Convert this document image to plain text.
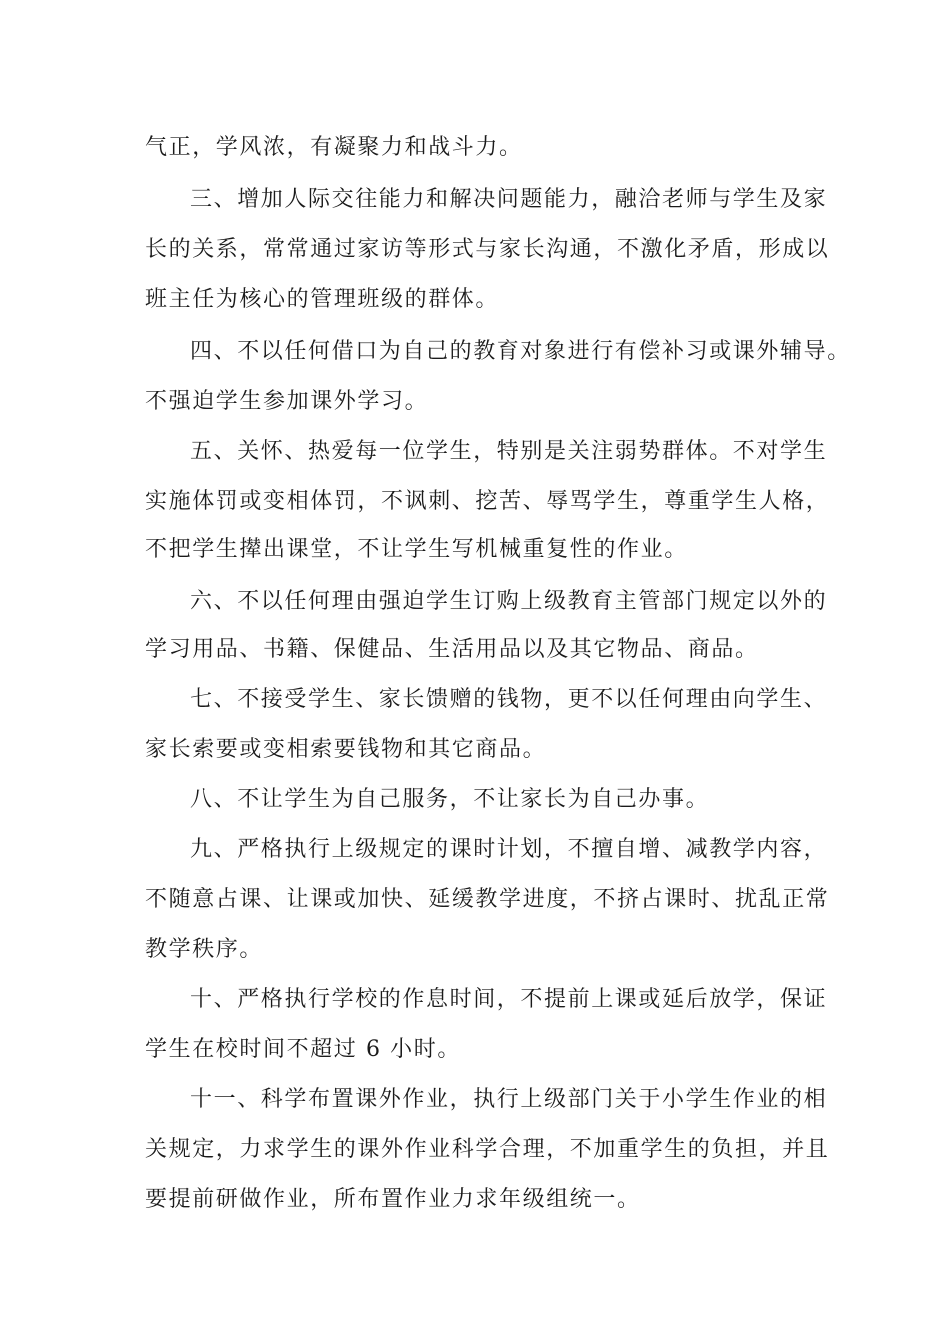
气正，学风浓，有凝聚力和战斗力。
三、增加人际交往能力和解决问题能力，融洽老师与学生及家
长的关系，常常通过家访等形式与家长沟通，不激化矛盾，形成以
班主任为核心的管理班级的群体。
四、不以任何借口为自己的教育对象进行有偿补习或课外辅导。
不强迫学生参加课外学习。
五、关怀、热爱每一位学生，特别是关注弱势群体。不对学生
实施体罚或变相体罚，不讽刺、挖苦、辱骂学生，尊重学生人格，
不把学生撵出课堂，不让学生写机械重复性的作业。
六、不以任何理由强迫学生订购上级教育主管部门规定以外的
学习用品、书籍、保健品、生活用品以及其它物品、商品。
七、不接受学生、家长馈赠的钱物，更不以任何理由向学生、
家长索要或变相索要钱物和其它商品。
八、不让学生为自己服务，不让家长为自己办事。
九、严格执行上级规定的课时计划，不擅自增、减教学内容，
不随意占课、让课或加快、延缓教学进度，不挤占课时、扰乱正常
教学秩序。
十、严格执行学校的作息时间，不提前上课或延后放学，保证
学生在校时间不超过 6 小时。
十一、科学布置课外作业，执行上级部门关于小学生作业的相
关规定，力求学生的课外作业科学合理，不加重学生的负担，并且
要提前研做作业，所布置作业力求年级组统一。
